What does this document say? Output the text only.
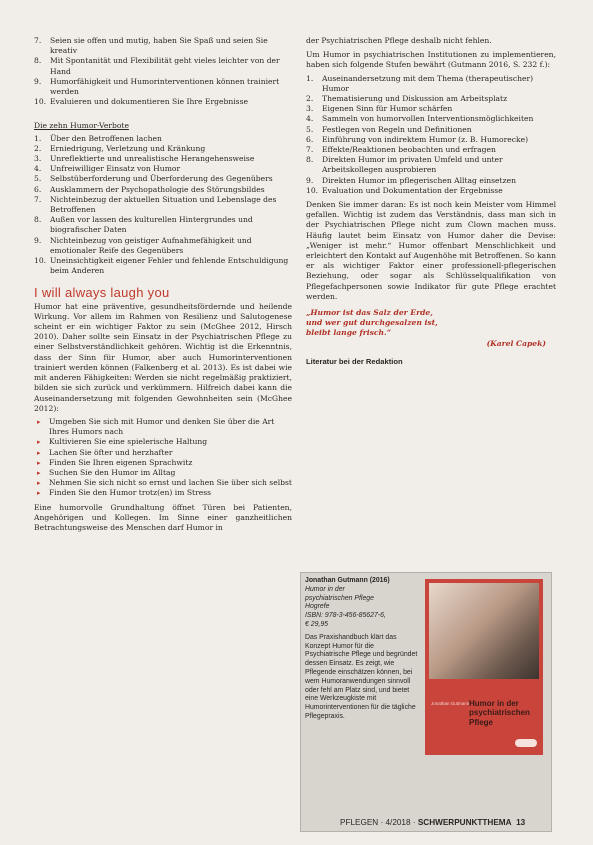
7. Seien sie offen und mutig, haben Sie Spaß und seien Sie kreativ
8. Mit Spontanität und Flexibilität geht vieles leichter von der Hand
9. Humorfähigkeit und Humorinterventionen können trainiert werden
10. Evaluieren und dokumentieren Sie Ihre Ergebnisse
Die zehn Humor-Verbote
1. Über den Betroffenen lachen
2. Erniedrigung, Verletzung und Kränkung
3. Unreflektierte und unrealistische Herangehensweise
4. Unfreiwilliger Einsatz von Humor
5. Selbstüberforderung und Überforderung des Gegenübers
6. Ausklammern der Psychopathologie des Störungsbildes
7. Nichteinbezug der aktuellen Situation und Lebenslage des Betroffenen
8. Außen vor lassen des kulturellen Hintergrundes und biografischer Daten
9. Nichteinbezug von geistiger Aufnahmefähigkeit und emotionaler Reife des Gegenübers
10. Uneinsichtigkeit eigener Fehler und fehlende Entschuldigung beim Anderen
I will always laugh you

Humor hat eine präventive, gesundheitsfördernde und heilende Wirkung. Vor allem im Rahmen von Resilienz und Salutogenese scheint er ein wichtiger Faktor zu sein (McGhee 2012, Hirsch 2010). Daher sollte sein Einsatz in der Psychiatrischen Pflege zu einer Selbstverständlichkeit gehören. Wichtig ist die Erkenntnis, dass der Sinn für Humor, aber auch Humorinterventionen trainiert werden können (Falkenberg et al. 2013). Es ist dabei wie mit anderen Fähigkeiten: Werden sie nicht regelmäßig praktiziert, bilden sie sich zurück und verkümmern. Hilfreich dabei kann die Auseinandersetzung mit folgenden Gewohnheiten sein (McGhee 2012):

▸ Umgeben Sie sich mit Humor und denken Sie über die Art Ihres Humors nach
▸ Kultivieren Sie eine spielerische Haltung
▸ Lachen Sie öfter und herzhafter
▸ Finden Sie Ihren eigenen Sprachwitz
▸ Suchen Sie den Humor im Alltag
▸ Nehmen Sie sich nicht so ernst und lachen Sie über sich selbst
▸ Finden Sie den Humor trotz(en) im Stress

Eine humorvolle Grundhaltung öffnet Türen bei Patienten, Angehörigen und Kollegen. Im Sinne einer ganzheitlichen Betrachtungsweise des Menschen darf Humor in

der Psychiatrischen Pflege deshalb nicht fehlen.

Um Humor in psychiatrischen Institutionen zu implementieren, haben sich folgende Stufen bewährt (Gutmann 2016, S. 232 f.):

1. Auseinandersetzung mit dem Thema (therapeutischer) Humor
2. Thematisierung und Diskussion am Arbeitsplatz
3. Eigenen Sinn für Humor schärfen
4. Sammeln von humorvollen Interventionsmöglichkeiten
5. Festlegen von Regeln und Definitionen
6. Einführung von indirektem Humor (z. B. Humorecke)
7. Effekte/Reaktionen beobachten und erfragen
8. Direkten Humor im privaten Umfeld und unter Arbeitskollegen ausprobieren
9. Direkten Humor im pflegerischen Alltag einsetzen
10. Evaluation und Dokumentation der Ergebnisse

Denken Sie immer daran: Es ist noch kein Meister vom Himmel gefallen. Wichtig ist zudem das Verständnis, dass man sich in der Psychiatrischen Pflege nicht zum Clown machen muss. Häufig lautet beim Einsatz von Humor daher die Devise: „Weniger ist mehr.“ Humor offenbart Menschlichkeit und erleichtert den Kontakt auf Augenhöhe mit Betroffenen. So kann er als wichtiger Faktor einer professionell-pflegerischen Beziehung, oder sogar als Schlüsselqualifikation von Pflegefachpersonen sowie Indikator für gute Pflege erachtet werden.

„Humor ist das Salz der Erde,

und wer gut durchgesalzen ist,

bleibt lange frisch.“

(Karel Capek)

Literatur bei der Redaktion

Jonathan Gutmann (2016)
Humor in der
psychiatrischen Pflege
Hogrefe
ISBN: 978-3-456-85627-6,
€ 29,95
Das Praxishandbuch klärt das Konzept Humor für die Psychiatrische Pflege und begründet dessen Einsatz. Es zeigt, wie Pflegende einschätzen können, bei wem Humoranwendungen sinnvoll oder fehl am Platz sind, und bietet eine Werkzeugkiste mit Humorinterventionen für die tägliche Pflegepraxis.
Jonathan Gutmann Humor in der psychiatrischen Pflege
PFLEGEN · 4/2018 · SCHWERPUNKTTHEMA 13
